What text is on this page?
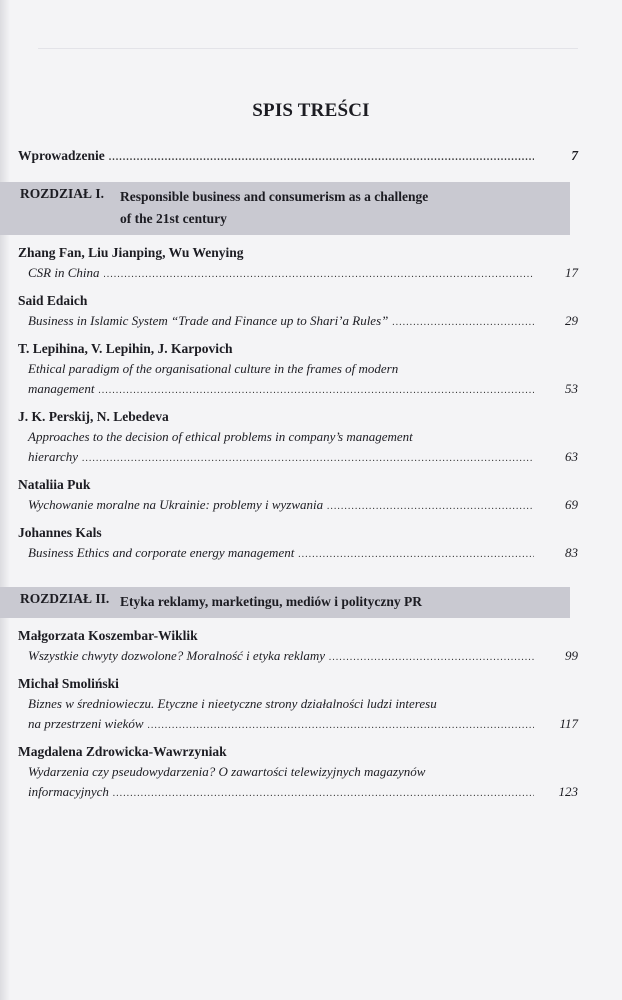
SPIS TREŚCI
Wprowadzenie .....	7
ROZDZIAŁ I. Responsible business and consumerism as a challenge
of the 21st century
Zhang Fan, Liu Jianping, Wu Wenying
CSR in China .....	17
Said Edaich
Business in Islamic System “Trade and Finance up to Shari’a Rules” .....	29
T. Lepihina, V. Lepihin, J. Karpovich
Ethical paradigm of the organisational culture in the frames of modern
management .....	53
J. K. Perskij, N. Lebedeva
Approaches to the decision of ethical problems in company’s management
hierarchy .....	63
Nataliia Puk
Wychowanie moralne na Ukrainie: problemy i wyzwania .....	69
Johannes Kals
Business Ethics and corporate energy management .....	83
ROZDZIAŁ II. Etyka reklamy, marketingu, mediów i polityczny PR
Małgorzata Koszembar-Wiklik
Wszystkie chwyty dozwolone? Moralność i etyka reklamy .....	99
Michał Smoliński
Biznes w średniowieczu. Etyczne i nieetyczne strony działalności ludzi interesu
na przestrzeni wieków .....	117
Magdalena Zdrowicka-Wawrzyniak
Wydarzenia czy pseudowydarzenia? O zawartości telewizyjnych magazynów
informacyjnych .....	123
